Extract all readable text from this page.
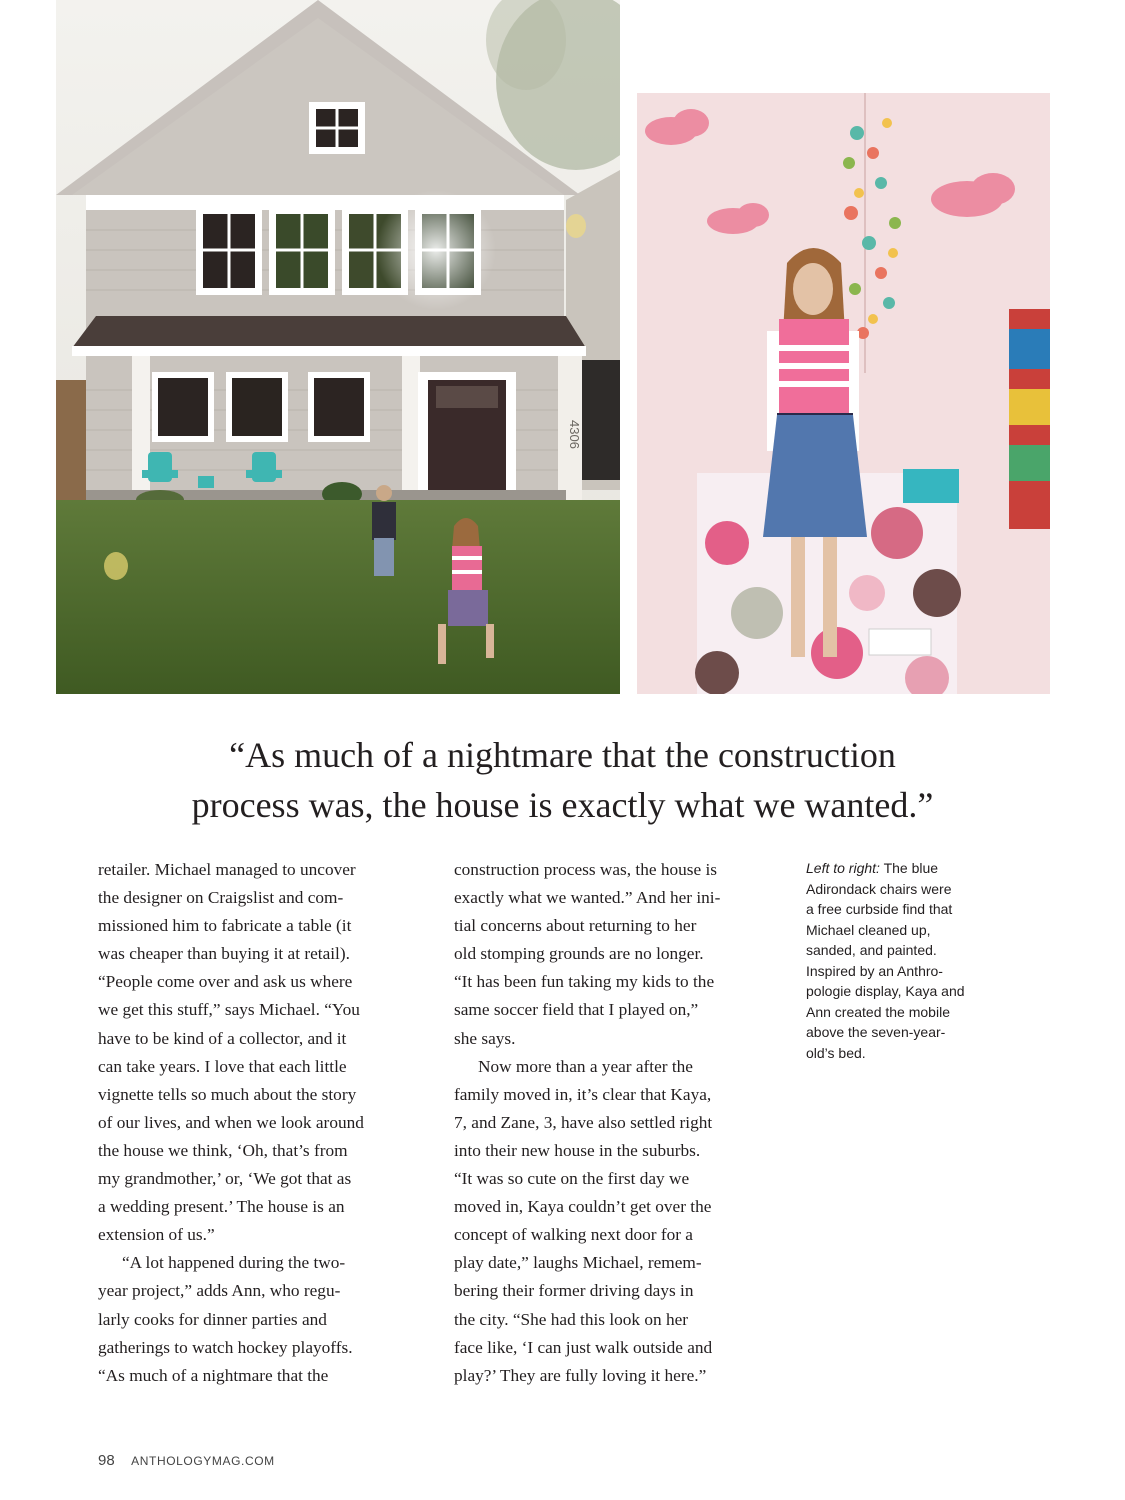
4306
“As much of a nightmare that the construction
process was, the house is exactly what we wanted.”
retailer. Michael managed to uncover
the designer on Craigslist and com-
missioned him to fabricate a table (it
was cheaper than buying it at retail).
“People come over and ask us where
we get this stuff,” says Michael. “You
have to be kind of a collector, and it
can take years. I love that each little
vignette tells so much about the story
of our lives, and when we look around
the house we think, ‘Oh, that’s from
my grandmother,’ or, ‘We got that as
a wedding present.’ The house is an
extension of us.”
“A lot happened during the two-
year project,” adds Ann, who regu-
larly cooks for dinner parties and
gatherings to watch hockey playoffs.
“As much of a nightmare that the
construction process was, the house is
exactly what we wanted.” And her ini-
tial concerns about returning to her
old stomping grounds are no longer.
“It has been fun taking my kids to the
same soccer field that I played on,”
she says.
Now more than a year after the
family moved in, it’s clear that Kaya,
7, and Zane, 3, have also settled right
into their new house in the suburbs.
“It was so cute on the first day we
moved in, Kaya couldn’t get over the
concept of walking next door for a
play date,” laughs Michael, remem-
bering their former driving days in
the city. “She had this look on her
face like, ‘I can just walk outside and
play?’ They are fully loving it here.”
Left to right: The blue
Adirondack chairs were
a free curbside find that
Michael cleaned up,
sanded, and painted.
Inspired by an Anthro-
pologie display, Kaya and
Ann created the mobile
above the seven-year-
old’s bed.
98 ANTHOLOGYMAG.COM
